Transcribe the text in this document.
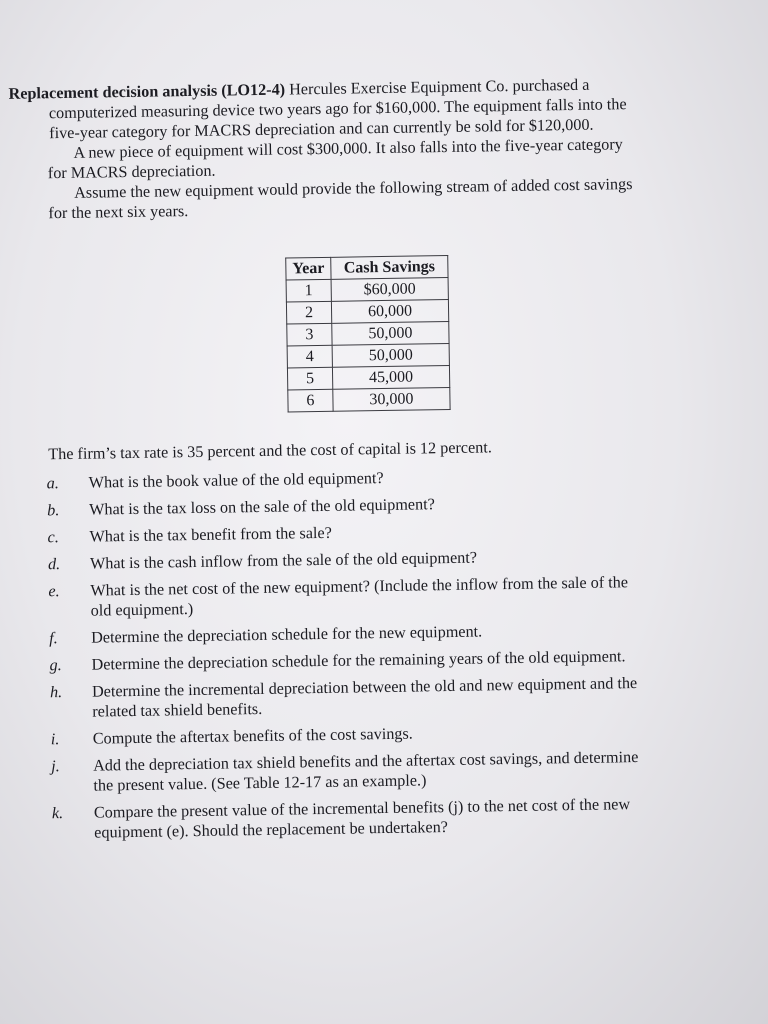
Replacement decision analysis (LO12-4) Hercules Exercise Equipment Co. purchased a
computerized measuring device two years ago for $160,000. The equipment falls into the
five-year category for MACRS depreciation and can currently be sold for $120,000.
A new piece of equipment will cost $300,000. It also falls into the five-year category
for MACRS depreciation.
Assume the new equipment would provide the following stream of added cost savings
for the next six years.
Year	Cash Savings
1	$60,000
2	60,000
3	50,000
4	50,000
5	45,000
6	30,000
The firm’s tax rate is 35 percent and the cost of capital is 12 percent.
a.	What is the book value of the old equipment?
b.	What is the tax loss on the sale of the old equipment?
c.	What is the tax benefit from the sale?
d.	What is the cash inflow from the sale of the old equipment?
e.	What is the net cost of the new equipment? (Include the inflow from the sale of the
old equipment.)
f.	Determine the depreciation schedule for the new equipment.
g.	Determine the depreciation schedule for the remaining years of the old equipment.
h.	Determine the incremental depreciation between the old and new equipment and the
related tax shield benefits.
i.	Compute the aftertax benefits of the cost savings.
j.	Add the depreciation tax shield benefits and the aftertax cost savings, and determine
the present value. (See Table 12-17 as an example.)
k.	Compare the present value of the incremental benefits (j) to the net cost of the new
equipment (e). Should the replacement be undertaken?
